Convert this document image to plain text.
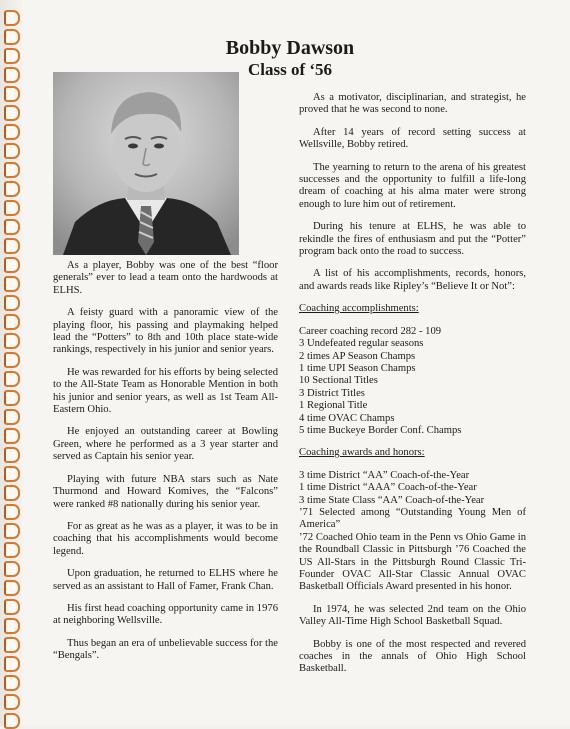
Bobby Dawson
Class of ‘56

As a player, Bobby was one of the best “floor generals” ever to lead a team onto the hardwoods at ELHS.

A feisty guard with a panoramic view of the playing floor, his passing and playmaking helped lead the “Potters” to 8th and 10th place state-wide rankings, respectively in his junior and senior years.

He was rewarded for his efforts by being selected to the All-State Team as Honorable Mention in both his junior and senior years, as well as 1st Team All-Eastern Ohio.

He enjoyed an outstanding career at Bowling Green, where he performed as a 3 year starter and served as Captain his senior year.

Playing with future NBA stars such as Nate Thurmond and Howard Komives, the “Falcons” were ranked #8 nationally during his senior year.

For as great as he was as a player, it was to be in coaching that his accomplishments would become legend.

Upon graduation, he returned to ELHS where he served as an assistant to Hall of Famer, Frank Chan.

His first head coaching opportunity came in 1976 at neighboring Wellsville.

Thus began an era of unbelievable success for the “Bengals”.

As a motivator, disciplinarian, and strategist, he proved that he was second to none.

After 14 years of record setting success at Wellsville, Bobby retired.

The yearning to return to the arena of his greatest successes and the opportunity to fulfill a life-long dream of coaching at his alma mater were strong enough to lure him out of retirement.

During his tenure at ELHS, he was able to rekindle the fires of enthusiasm and put the “Potter” program back onto the road to success.

A list of his accomplishments, records, honors, and awards reads like Ripley’s “Believe It or Not”:

Coaching accomplishments:

Career coaching record 282 - 109
3 Undefeated regular seasons
2 times AP Season Champs
1 time UPI Season Champs
10 Sectional Titles
3 District Titles
1 Regional Title
4 time OVAC Champs
5 time Buckeye Border Conf. Champs

Coaching awards and honors:

3 time District “AA” Coach-of-the-Year
1 time District “AAA” Coach-of-the-Year
3 time State Class “AA” Coach-of-the-Year
’71 Selected among “Outstanding Young Men of America”
’72 Coached Ohio team in the Penn vs Ohio Game in the Roundball Classic in Pittsburgh ’76 Coached the US All-Stars in the Pittsburgh Round Classic Tri-Founder OVAC All-Star Classic Annual OVAC Basketball Officials Award presented in his honor.

In 1974, he was selected 2nd team on the Ohio Valley All-Time High School Basketball Squad.

Bobby is one of the most respected and revered coaches in the annals of Ohio High School Basketball.
